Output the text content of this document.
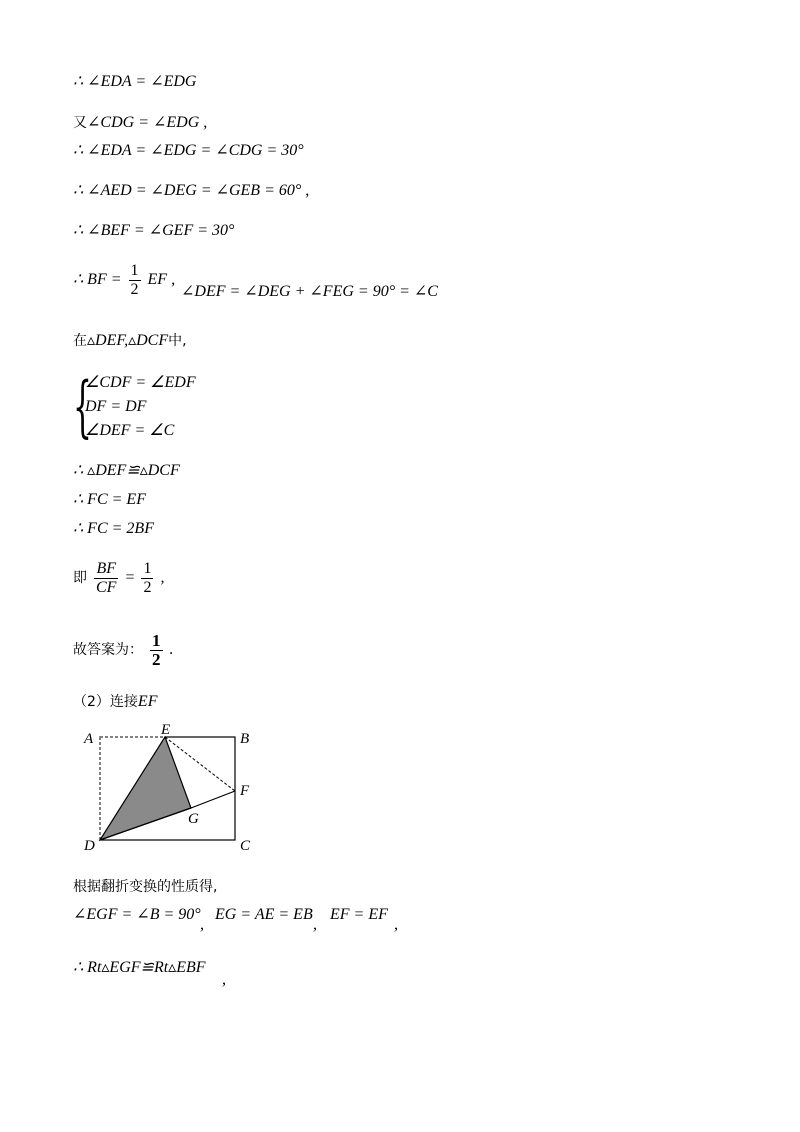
∴ ∠EDA = ∠EDG
又∠CDG = ∠EDG ,
∴ ∠EDA = ∠EDG = ∠CDG = 30°
∴ ∠AED = ∠DEG = ∠GEB = 60° ,
∴ ∠BEF = ∠GEF = 30°
∴ BF = $\frac{1}{2}$ EF ,
∠DEF = ∠DEG + ∠FEG = 90° = ∠C
在▵DEF,▵DCF中,
{
∠CDF = ∠EDF
DF = DF
∠DEF = ∠C
∴ ▵DEF≌▵DCF
∴ FC = EF
∴ FC = 2BF
即 $\frac{BF}{CF} = \frac{1}{2}$ ,
故答案为： $\frac{1}{2}$ .
（2）连接EF
A
E
B
F
G
D	C
根据翻折变换的性质得,
∠EGF = ∠B = 90°
,
EG = AE = EB
,
EF = EF
,
∴ Rt▵EGF≌Rt▵EBF
,
